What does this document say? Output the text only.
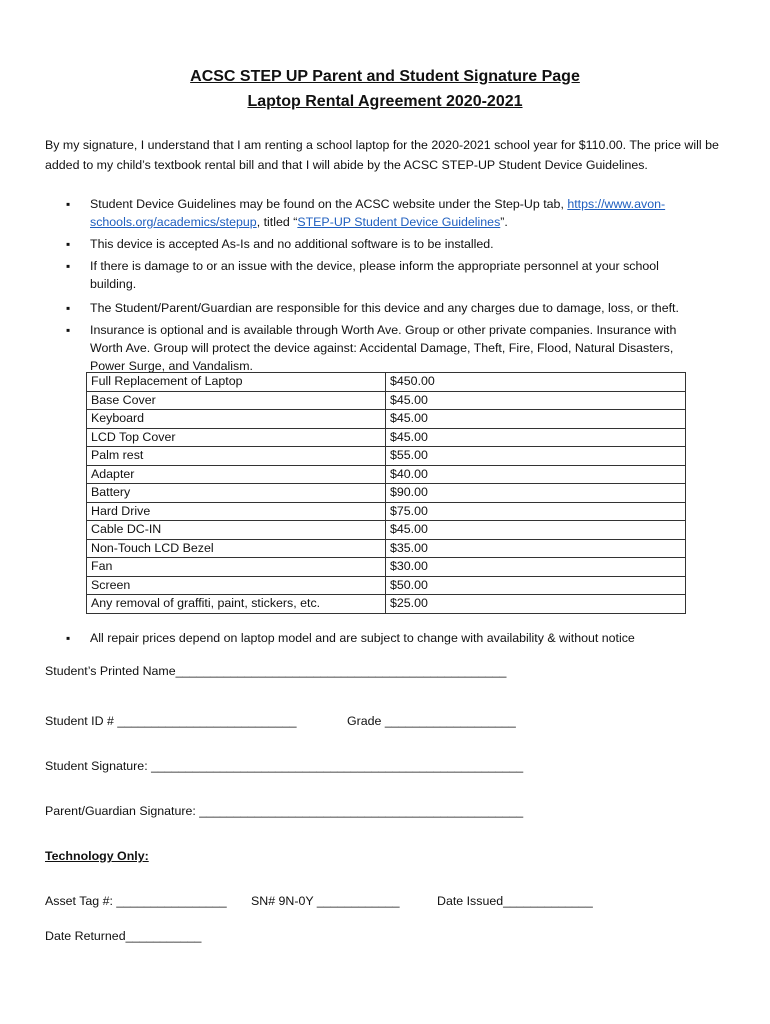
ACSC STEP UP Parent and Student Signature Page
Laptop Rental Agreement 2020-2021
By my signature, I understand that I am renting a school laptop for the 2020-2021 school year for $110.00. The price will be added to my child’s textbook rental bill and that I will abide by the ACSC STEP-UP Student Device Guidelines.
▪ Student Device Guidelines may be found on the ACSC website under the Step-Up tab, https://www.avon-schools.org/academics/stepup, titled “STEP-UP Student Device Guidelines”.
▪ This device is accepted As-Is and no additional software is to be installed.
▪ If there is damage to or an issue with the device, please inform the appropriate personnel at your school building.
▪ The Student/Parent/Guardian are responsible for this device and any charges due to damage, loss, or theft.
▪ Insurance is optional and is available through Worth Ave. Group or other private companies. Insurance with Worth Ave. Group will protect the device against: Accidental Damage, Theft, Fire, Flood, Natural Disasters, Power Surge, and Vandalism.
Full Replacement of Laptop	$450.00
Base Cover	$45.00
Keyboard	$45.00
LCD Top Cover	$45.00
Palm rest	$55.00
Adapter	$40.00
Battery	$90.00
Hard Drive	$75.00
Cable DC-IN	$45.00
Non-Touch LCD Bezel	$35.00
Fan	$30.00
Screen	$50.00
Any removal of graffiti, paint, stickers, etc.	$25.00
▪ All repair prices depend on laptop model and are subject to change with availability & without notice
Student’s Printed Name________________________________________________
Student ID # __________________________	Grade ___________________
Student Signature: ______________________________________________________
Parent/Guardian Signature: _______________________________________________
Technology Only:
Asset Tag #: ________________ SN# 9N-0Y ____________	Date Issued_____________
Date Returned___________
